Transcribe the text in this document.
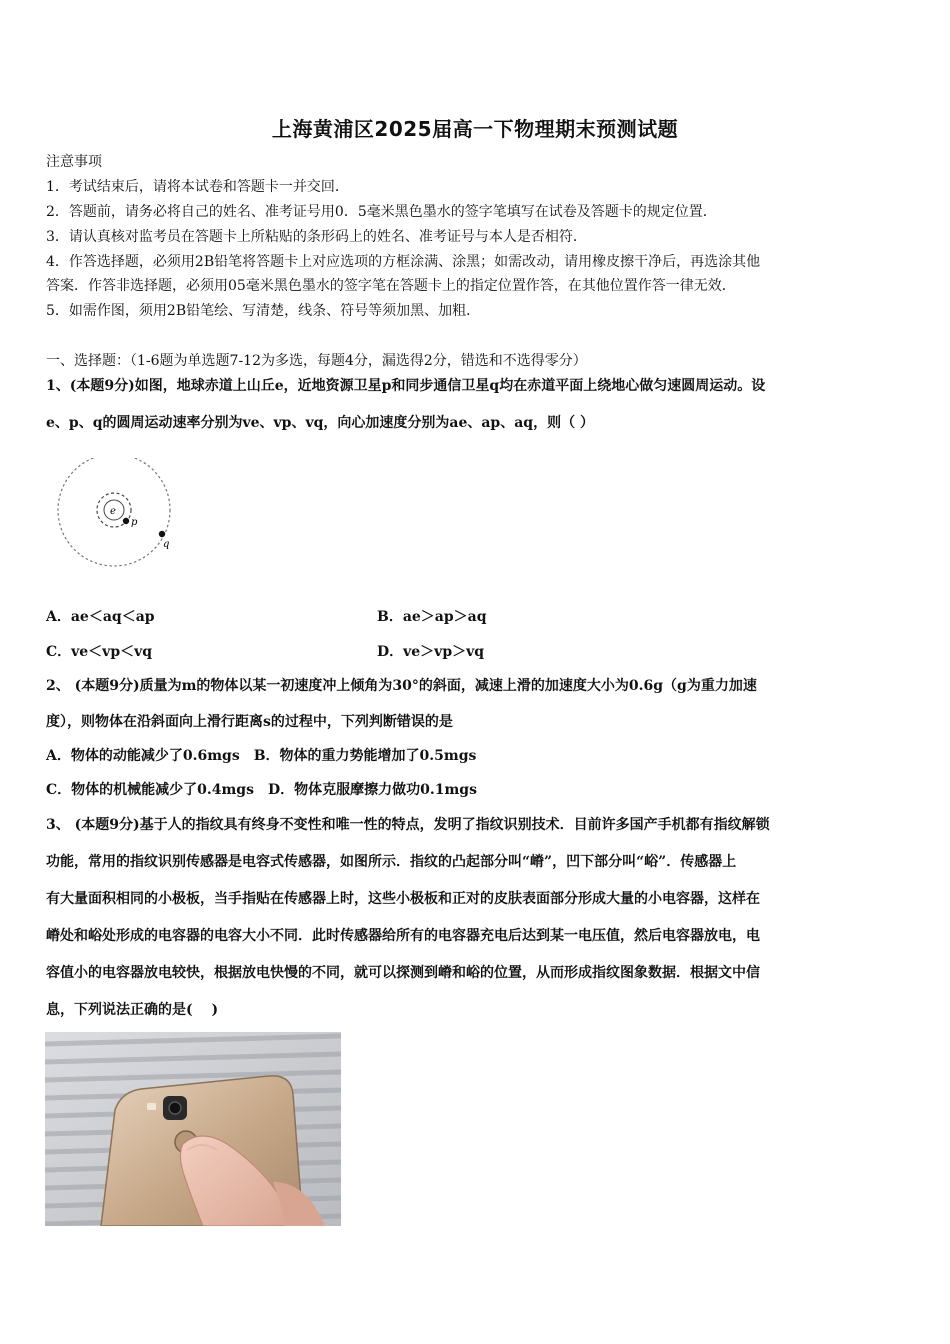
上海黄浦区2025届高一下物理期末预测试题
注意事项
1．考试结束后，请将本试卷和答题卡一并交回．
2．答题前，请务必将自己的姓名、准考证号用0．5毫米黑色墨水的签字笔填写在试卷及答题卡的规定位置．
3．请认真核对监考员在答题卡上所粘贴的条形码上的姓名、准考证号与本人是否相符．
4．作答选择题，必须用2B铅笔将答题卡上对应选项的方框涂满、涂黑；如需改动，请用橡皮擦干净后，再选涂其他
答案．作答非选择题，必须用05毫米黑色墨水的签字笔在答题卡上的指定位置作答，在其他位置作答一律无效．
5．如需作图，须用2B铅笔绘、写清楚，线条、符号等须加黑、加粗．
一、选择题：（1-6题为单选题7-12为多选，每题4分，漏选得2分，错选和不选得零分）
1、(本题9分)如图，地球赤道上山丘e，近地资源卫星p和同步通信卫星q均在赤道平面上绕地心做匀速圆周运动。设
e、p、q的圆周运动速率分别为ve、vp、vq，向心加速度分别为ae、ap、aq，则（ ）
e
p
q
A．ae＜aq＜ap	B．ae＞ap＞aq
C．ve＜vp＜vq	D．ve＞vp＞vq
2、 (本题9分)质量为m的物体以某一初速度冲上倾角为30°的斜面，减速上滑的加速度大小为0.6g（g为重力加速
度），则物体在沿斜面向上滑行距离s的过程中，下列判断错误的是
A．物体的动能减少了0.6mgs　B．物体的重力势能增加了0.5mgs
C．物体的机械能减少了0.4mgs　D．物体克服摩擦力做功0.1mgs
3、 (本题9分)基于人的指纹具有终身不变性和唯一性的特点，发明了指纹识别技术．目前许多国产手机都有指纹解锁
功能，常用的指纹识别传感器是电容式传感器，如图所示．指纹的凸起部分叫“嵴”，凹下部分叫“峪”．传感器上
有大量面积相同的小极板，当手指贴在传感器上时，这些小极板和正对的皮肤表面部分形成大量的小电容器，这样在
嵴处和峪处形成的电容器的电容大小不同．此时传感器给所有的电容器充电后达到某一电压值，然后电容器放电，电
容值小的电容器放电较快，根据放电快慢的不同，就可以探测到嵴和峪的位置，从而形成指纹图象数据．根据文中信
息，下列说法正确的是(　 )
